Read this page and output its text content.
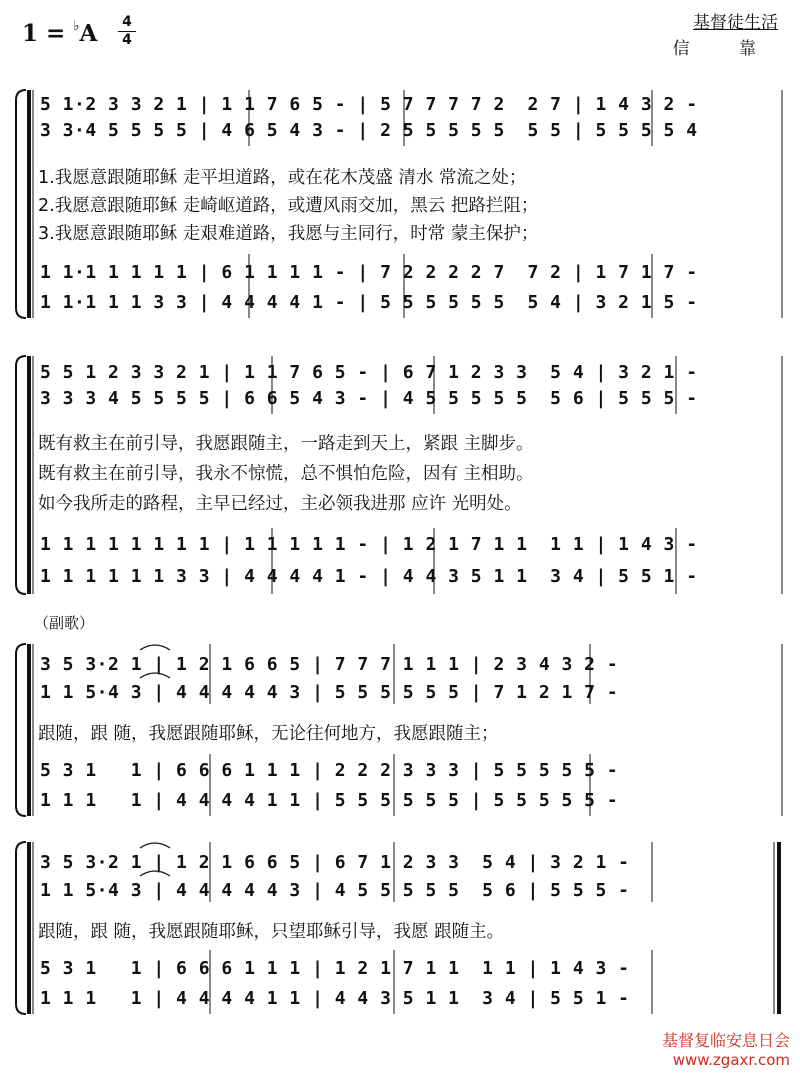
1 = ♭A 4
4
基督徒生活
信 靠
5 1·2 3 3 2 1 | 1 1 7 6 5 - | 5 7 7 7 7 2  2 7 | 1 4 3 2 -
3 3·4 5 5 5 5 | 4 6 5 4 3 - | 2 5 5 5 5 5  5 5 | 5 5 5 5 4
1.我愿意跟随耶稣 走平坦道路，或在花木茂盛 清水 常流之处；
2.我愿意跟随耶稣 走崎岖道路，或遭风雨交加，黑云 把路拦阻；
3.我愿意跟随耶稣 走艰难道路，我愿与主同行，时常 蒙主保护；
1 1·1 1 1 1 1 | 6 1 1 1 1 - | 7 2 2 2 2 7  7 2 | 1 7 1 7 -
1 1·1 1 1 3 3 | 4 4 4 4 1 - | 5 5 5 5 5 5  5 4 | 3 2 1 5 -
5 5 1 2 3 3 2 1 | 1 1 7 6 5 - | 6 7 1 2 3 3  5 4 | 3 2 1 -
3 3 3 4 5 5 5 5 | 6 6 5 4 3 - | 4 5 5 5 5 5  5 6 | 5 5 5 -
既有救主在前引导，我愿跟随主，一路走到天上，紧跟 主脚步。
既有救主在前引导，我永不惊慌，总不惧怕危险，因有 主相助。
如今我所走的路程，主早已经过，主必领我进那 应许 光明处。
1 1 1 1 1 1 1 1 | 1 1 1 1 1 - | 1 2 1 7 1 1  1 1 | 1 4 3 -
1 1 1 1 1 1 3 3 | 4 4 4 4 1 - | 4 4 3 5 1 1  3 4 | 5 5 1 -
（副歌）
3 5 3·2 1 | 1 2 1 6 6 5 | 7 7 7 1 1 1 | 2 3 4 3 2 -
1 1 5·4 3 | 4 4 4 4 4 3 | 5 5 5 5 5 5 | 7 1 2 1 7 -
跟随，跟 随，我愿跟随耶稣，无论往何地方，我愿跟随主；
5 3 1   1 | 6 6 6 1 1 1 | 2 2 2 3 3 3 | 5 5 5 5 5 -
1 1 1   1 | 4 4 4 4 1 1 | 5 5 5 5 5 5 | 5 5 5 5 5 -
3 5 3·2 1 | 1 2 1 6 6 5 | 6 7 1 2 3 3  5 4 | 3 2 1 -
1 1 5·4 3 | 4 4 4 4 4 3 | 4 5 5 5 5 5  5 6 | 5 5 5 -
跟随，跟 随，我愿跟随耶稣，只望耶稣引导，我愿 跟随主。
5 3 1   1 | 6 6 6 1 1 1 | 1 2 1 7 1 1  1 1 | 1 4 3 -
1 1 1   1 | 4 4 4 4 1 1 | 4 4 3 5 1 1  3 4 | 5 5 1 -
基督复临安息日会
www.zgaxr.com
